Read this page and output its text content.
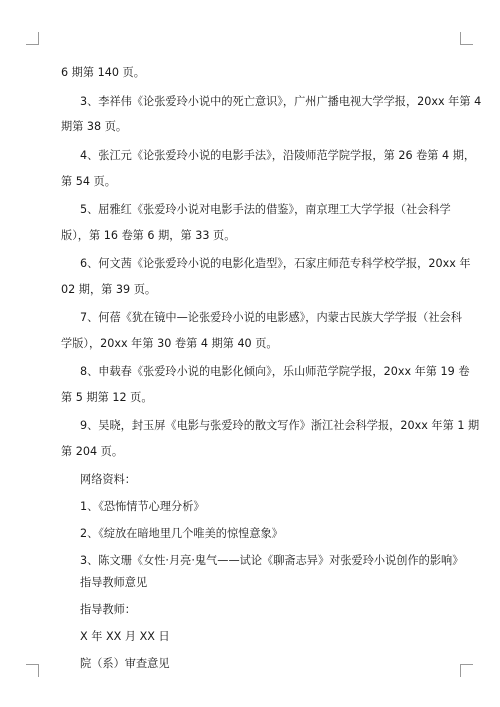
6 期第 140 页。
3、李祥伟《论张爱玲小说中的死亡意识》，广州广播电视大学学报，20xx 年第 4
期第 38 页。
4、张江元《论张爱玲小说的电影手法》，沿陵师范学院学报，第 26 卷第 4 期，
第 54 页。
5、屈雅红《张爱玲小说对电影手法的借鉴》，南京理工大学学报（社会科学
版），第 16 卷第 6 期，第 33 页。
6、何文茜《论张爱玲小说的电影化造型》，石家庄师范专科学校学报，20xx 年
02 期，第 39 页。
7、何蓓《犹在镜中—论张爱玲小说的电影感》，内蒙古民族大学学报（社会科
学版），20xx 年第 30 卷第 4 期第 40 页。
8、申载春《张爱玲小说的电影化倾向》，乐山师范学院学报，20xx 年第 19 卷
第 5 期第 12 页。
9、吴晓，封玉屏《电影与张爱玲的散文写作》浙江社会科学报，20xx 年第 1 期
第 204 页。
网络资料：
1、《恐怖情节心理分析》
2、《绽放在暗地里几个唯美的惊惶意象》
3、陈文珊《女性·月亮·鬼气——试论《聊斋志异》对张爱玲小说创作的影响》
指导教师意见
指导教师：
X 年 XX 月 XX 日
院（系）审查意见
